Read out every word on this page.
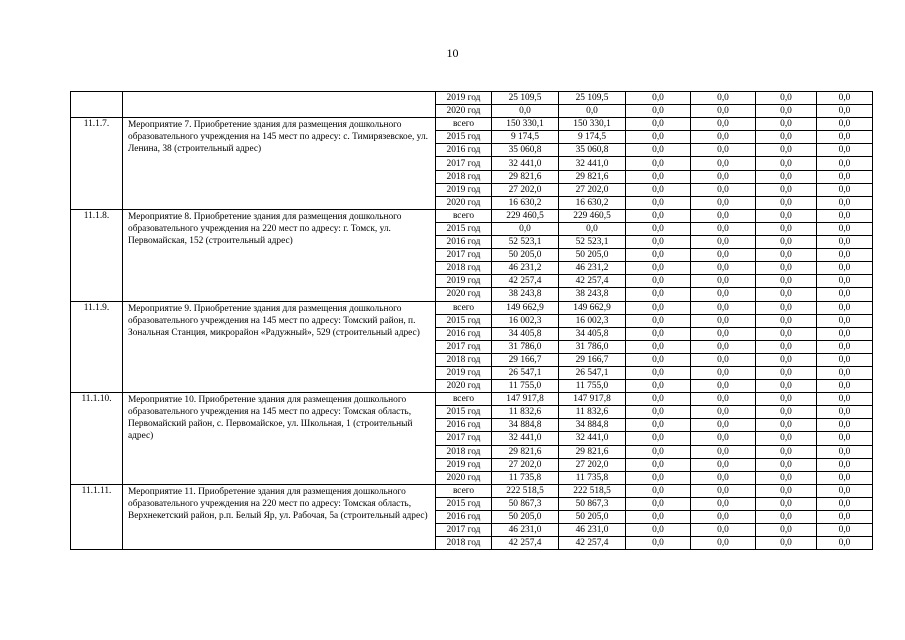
10
		2019 год	25 109,5	25 109,5	0,0	0,0	0,0	0,0
		2020 год	0,0	0,0	0,0	0,0	0,0	0,0
11.1.7.	Мероприятие 7. Приобретение здания для размещения дошкольного образовательного учреждения на 145 мест по адресу: с. Тимирязевское, ул. Ленина, 38 (строительный адрес)	всего	150 330,1	150 330,1	0,0	0,0	0,0	0,0
		2015 год	9 174,5	9 174,5	0,0	0,0	0,0	0,0
		2016 год	35 060,8	35 060,8	0,0	0,0	0,0	0,0
		2017 год	32 441,0	32 441,0	0,0	0,0	0,0	0,0
		2018 год	29 821,6	29 821,6	0,0	0,0	0,0	0,0
		2019 год	27 202,0	27 202,0	0,0	0,0	0,0	0,0
		2020 год	16 630,2	16 630,2	0,0	0,0	0,0	0,0
11.1.8.	Мероприятие 8. Приобретение здания для размещения дошкольного образовательного учреждения на 220 мест по адресу: г. Томск, ул. Первомайская, 152 (строительный адрес)	всего	229 460,5	229 460,5	0,0	0,0	0,0	0,0
		2015 год	0,0	0,0	0,0	0,0	0,0	0,0
		2016 год	52 523,1	52 523,1	0,0	0,0	0,0	0,0
		2017 год	50 205,0	50 205,0	0,0	0,0	0,0	0,0
		2018 год	46 231,2	46 231,2	0,0	0,0	0,0	0,0
		2019 год	42 257,4	42 257,4	0,0	0,0	0,0	0,0
		2020 год	38 243,8	38 243,8	0,0	0,0	0,0	0,0
11.1.9.	Мероприятие 9. Приобретение здания для размещения дошкольного образовательного учреждения на 145 мест по адресу: Томский район, п. Зональная Станция, микрорайон «Радужный», 529 (строительный адрес)	всего	149 662,9	149 662,9	0,0	0,0	0,0	0,0
		2015 год	16 002,3	16 002,3	0,0	0,0	0,0	0,0
		2016 год	34 405,8	34 405,8	0,0	0,0	0,0	0,0
		2017 год	31 786,0	31 786,0	0,0	0,0	0,0	0,0
		2018 год	29 166,7	29 166,7	0,0	0,0	0,0	0,0
		2019 год	26 547,1	26 547,1	0,0	0,0	0,0	0,0
		2020 год	11 755,0	11 755,0	0,0	0,0	0,0	0,0
11.1.10.	Мероприятие 10. Приобретение здания для размещения дошкольного образовательного учреждения на 145 мест по адресу: Томская область, Первомайский район, с. Первомайское, ул. Школьная, 1 (строительный адрес)	всего	147 917,8	147 917,8	0,0	0,0	0,0	0,0
		2015 год	11 832,6	11 832,6	0,0	0,0	0,0	0,0
		2016 год	34 884,8	34 884,8	0,0	0,0	0,0	0,0
		2017 год	32 441,0	32 441,0	0,0	0,0	0,0	0,0
		2018 год	29 821,6	29 821,6	0,0	0,0	0,0	0,0
		2019 год	27 202,0	27 202,0	0,0	0,0	0,0	0,0
		2020 год	11 735,8	11 735,8	0,0	0,0	0,0	0,0
11.1.11.	Мероприятие 11. Приобретение здания для размещения дошкольного образовательного учреждения на 220 мест по адресу: Томская область, Верхнекетский район, р.п. Белый Яр, ул. Рабочая, 5а (строительный адрес)	всего	222 518,5	222 518,5	0,0	0,0	0,0	0,0
		2015 год	50 867,3	50 867,3	0,0	0,0	0,0	0,0
		2016 год	50 205,0	50 205,0	0,0	0,0	0,0	0,0
		2017 год	46 231,0	46 231,0	0,0	0,0	0,0	0,0
		2018 год	42 257,4	42 257,4	0,0	0,0	0,0	0,0
